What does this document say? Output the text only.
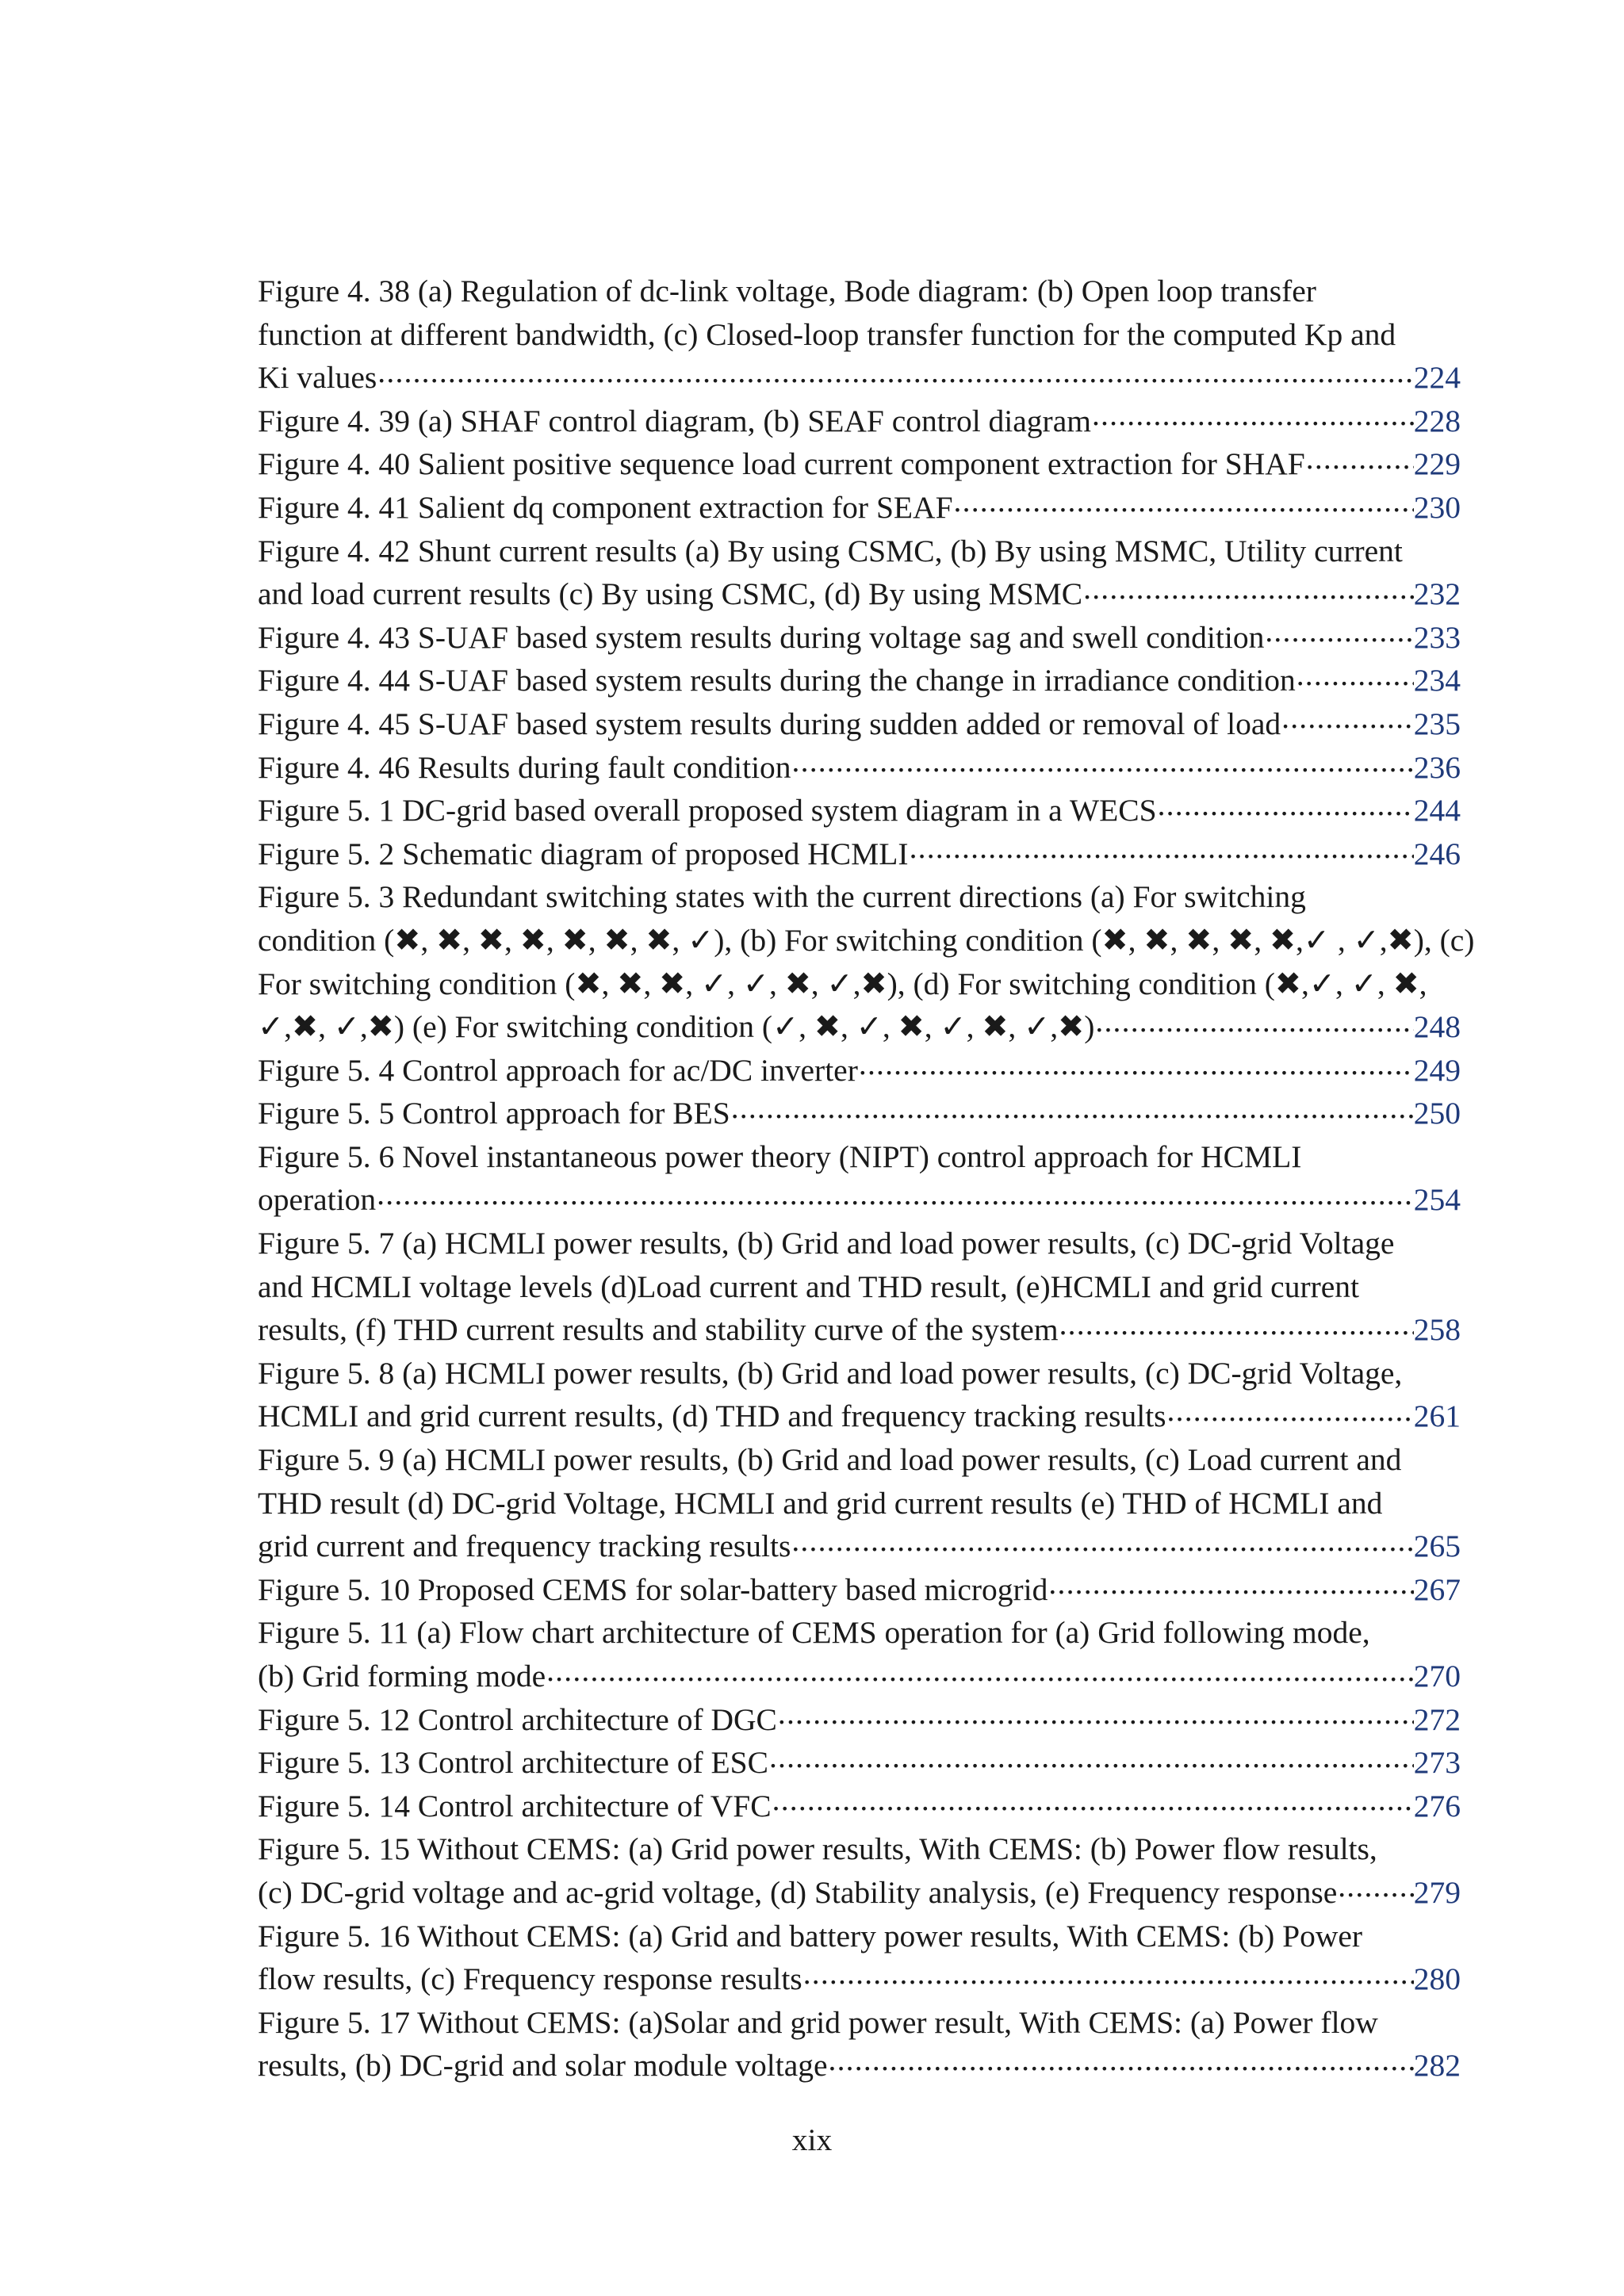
Figure 4. 38 (a) Regulation of dc-link voltage, Bode diagram: (b) Open loop transfer
function at different bandwidth, (c) Closed-loop transfer function for the computed Kp and
Ki values .....	224
Figure 4. 39 (a) SHAF control diagram, (b) SEAF control diagram .....	228
Figure 4. 40 Salient positive sequence load current component extraction for SHAF .....	229
Figure 4. 41 Salient dq component extraction for SEAF .....	230
Figure 4. 42 Shunt current results (a) By using CSMC, (b) By using MSMC, Utility current
and load current results (c) By using CSMC, (d) By using MSMC .....	232
Figure 4. 43 S-UAF based system results during voltage sag and swell condition .....	233
Figure 4. 44 S-UAF based system results during the change in irradiance condition .....	234
Figure 4. 45 S-UAF based system results during sudden added or removal of load .....	235
Figure 4. 46 Results during fault condition .....	236
Figure 5. 1 DC-grid based overall proposed system diagram in a WECS .....	244
Figure 5. 2 Schematic diagram of proposed HCMLI .....	246
Figure 5. 3 Redundant switching states with the current directions (a) For switching
condition (✖, ✖, ✖, ✖, ✖, ✖, ✖, ✓), (b) For switching condition (✖, ✖, ✖, ✖, ✖,✓ , ✓,✖), (c)
For switching condition (✖, ✖, ✖, ✓, ✓, ✖, ✓,✖), (d) For switching condition (✖,✓, ✓, ✖,
✓,✖, ✓,✖) (e) For switching condition (✓, ✖, ✓, ✖, ✓, ✖, ✓,✖) .....	248
Figure 5. 4 Control approach for ac/DC inverter .....	249
Figure 5. 5 Control approach for BES .....	250
Figure 5. 6 Novel instantaneous power theory (NIPT) control approach for HCMLI
operation .....	254
Figure 5. 7 (a) HCMLI power results, (b) Grid and load power results, (c) DC-grid Voltage
and HCMLI voltage levels (d)Load current and THD result, (e)HCMLI and grid current
results, (f) THD current results and stability curve of the system .....	258
Figure 5. 8 (a) HCMLI power results, (b) Grid and load power results, (c) DC-grid Voltage,
HCMLI and grid current results, (d) THD and frequency tracking results .....	261
Figure 5. 9 (a) HCMLI power results, (b) Grid and load power results, (c) Load current and
THD result (d) DC-grid Voltage, HCMLI and grid current results (e) THD of HCMLI and
grid current and frequency tracking results .....	265
Figure 5. 10 Proposed CEMS for solar-battery based microgrid .....	267
Figure 5. 11 (a) Flow chart architecture of CEMS operation for (a) Grid following mode,
(b) Grid forming mode .....	270
Figure 5. 12 Control architecture of DGC .....	272
Figure 5. 13 Control architecture of ESC .....	273
Figure 5. 14 Control architecture of VFC .....	276
Figure 5. 15 Without CEMS: (a) Grid power results, With CEMS: (b) Power flow results,
(c) DC-grid voltage and ac-grid voltage, (d) Stability analysis, (e) Frequency response ..... 279
Figure 5. 16 Without CEMS: (a) Grid and battery power results, With CEMS: (b) Power
flow results, (c) Frequency response results .....	280
Figure 5. 17 Without CEMS: (a)Solar and grid power result, With CEMS: (a) Power flow
results, (b) DC-grid and solar module voltage .....	282
xix
